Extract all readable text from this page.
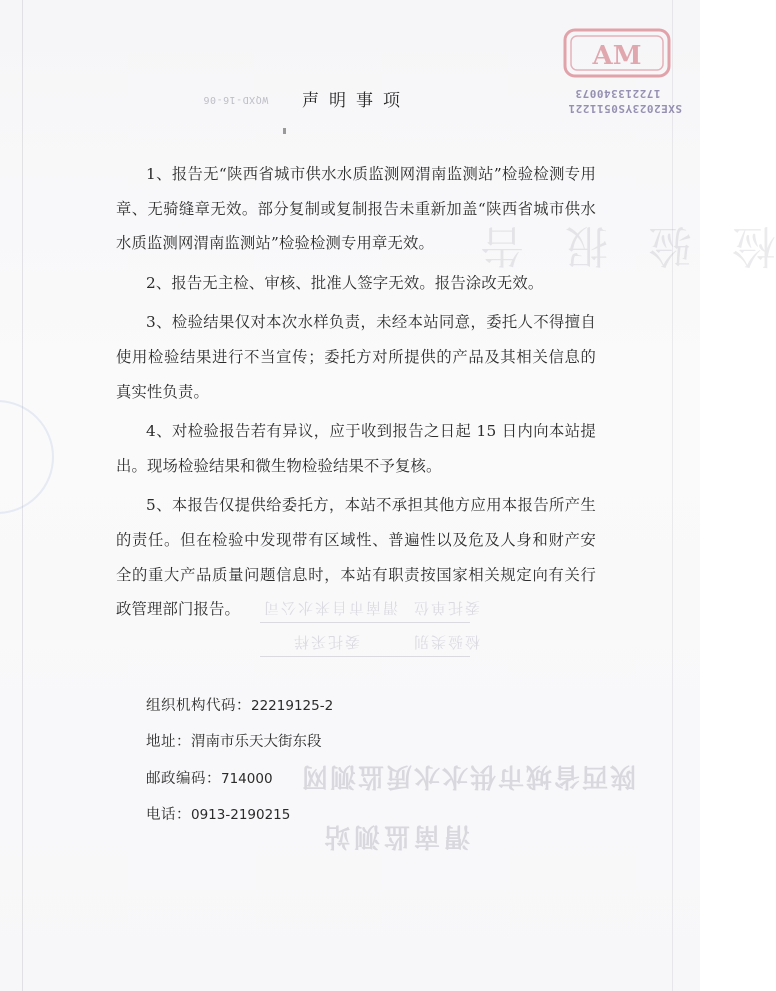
检验报告
委托单位
渭南市自来水公司
检验类别
委托采样
陕西省城市供水水质监测网
渭南监测站
AM
172213340073
SXE2023YS0511221
WQXD-16-06	声明事项

1、报告无“陕西省城市供水水质监测网渭南监测站”检验检测专用章、无骑缝章无效。部分复制或复制报告未重新加盖“陕西省城市供水水质监测网渭南监测站”检验检测专用章无效。

2、报告无主检、审核、批准人签字无效。报告涂改无效。

3、检验结果仅对本次水样负责，未经本站同意，委托人不得擅自使用检验结果进行不当宣传；委托方对所提供的产品及其相关信息的真实性负责。

4、对检验报告若有异议，应于收到报告之日起 15 日内向本站提出。现场检验结果和微生物检验结果不予复核。

5、本报告仅提供给委托方，本站不承担其他方应用本报告所产生的责任。但在检验中发现带有区域性、普遍性以及危及人身和财产安全的重大产品质量问题信息时，本站有职责按国家相关规定向有关行政管理部门报告。

组织机构代码：22219125-2
地址：渭南市乐天大街东段
邮政编码：714000
电话：0913-2190215
